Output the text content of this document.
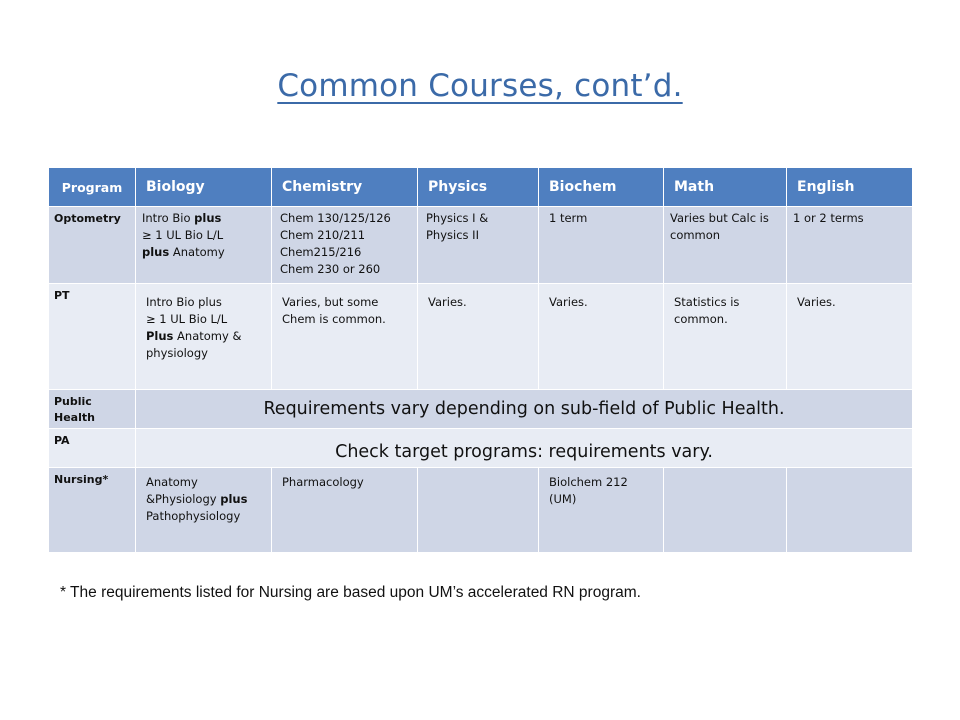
Common Courses, cont’d.
Program	Biology	Chemistry	Physics	Biochem	Math	English
Optometry	Intro Bio plus
≥ 1 UL Bio L/L
plus Anatomy	Chem 130/125/126
Chem 210/211
Chem215/216
Chem 230 or 260	Physics I &
Physics II	1 term	Varies but Calc is
common	1 or 2 terms
PT	Intro Bio plus
≥ 1 UL Bio L/L
Plus Anatomy &
physiology	Varies, but some
Chem is common.	Varies.	Varies.	Statistics is
common.	Varies.
Public
Health	Requirements vary depending on sub-field of Public Health.					
PA	Check target programs: requirements vary.					
Nursing*	Anatomy
&Physiology plus
Pathophysiology	Pharmacology		Biolchem 212
(UM)		
* The requirements listed for Nursing are based upon UM’s accelerated RN program.
